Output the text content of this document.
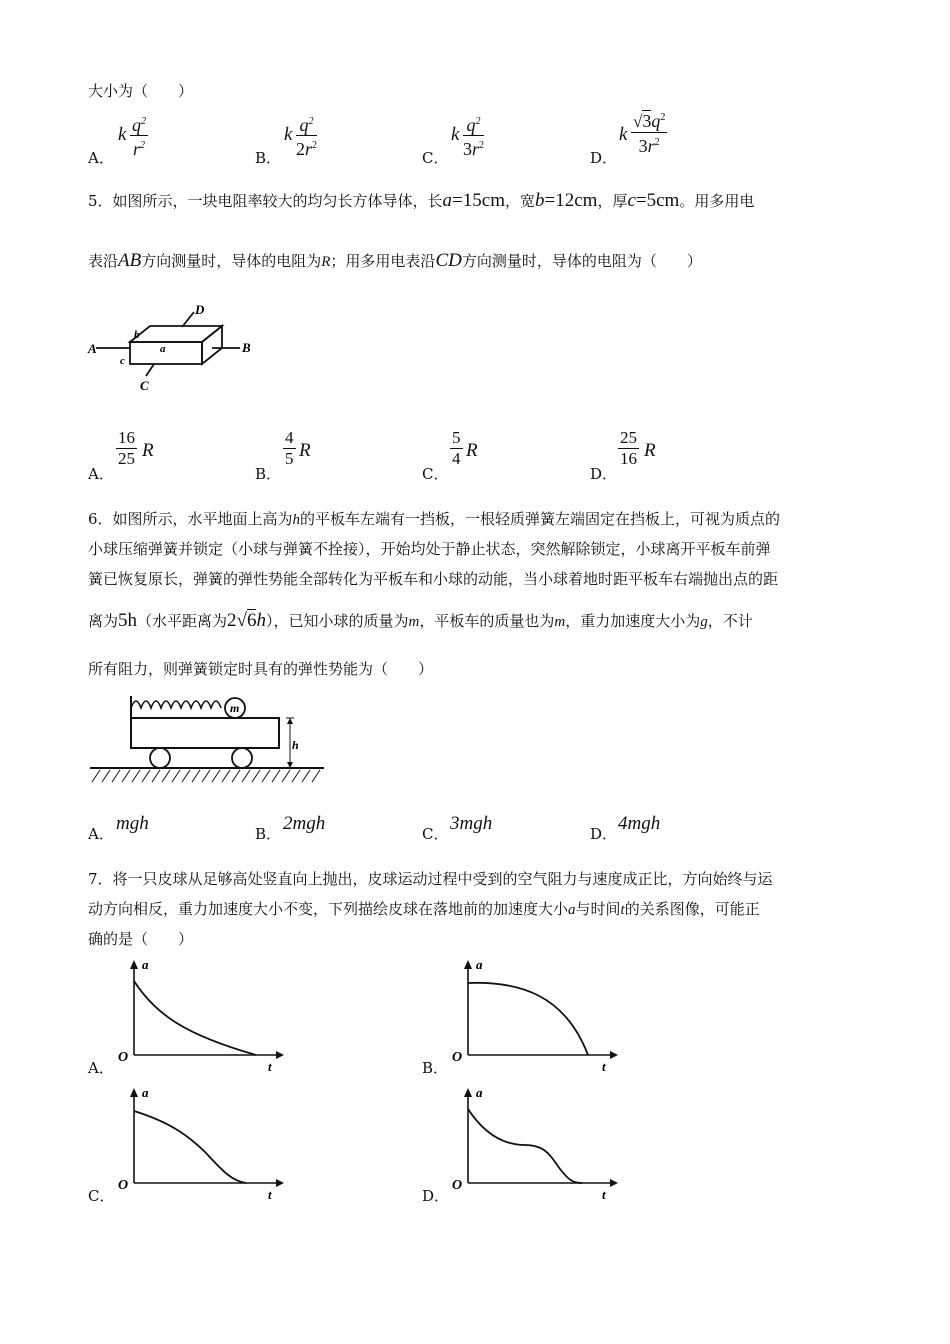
大小为（　　）
A．
k $\frac{q^2}{r^2}$	B．
k $\frac{q^2}{2r^2}$	C．
k $\frac{q^2}{3r^2}$	D．
k $\frac{√3q^2}{3r^2}$
5．如图所示，一块电阻率较大的均匀长方体导体，长a=15cm，宽b=12cm，厚c=5cm。用多用电
表沿AB方向测量时，导体的电阻为R；用多用电表沿CD方向测量时，导体的电阻为（　　）
A	B
C
D
a
b
c
A．
$\frac{16}{25}$ R
B．
$\frac{4}{5}$ R
C．
$\frac{5}{4}$ R
D．
$\frac{25}{16}$ R
6．如图所示，水平地面上高为h的平板车左端有一挡板，一根轻质弹簧左端固定在挡板上，可视为质点的
小球压缩弹簧并锁定（小球与弹簧不拴接），开始均处于静止状态，突然解除锁定，小球离开平板车前弹
簧已恢复原长，弹簧的弹性势能全部转化为平板车和小球的动能，当小球着地时距平板车右端抛出点的距
离为5h（水平距离为2√6h），已知小球的质量为m，平板车的质量也为m，重力加速度大小为g，不计
所有阻力，则弹簧锁定时具有的弹性势能为（　　）
m
h
A． mgh	B． 2mgh	C． 3mgh	D． 4mgh
7．将一只皮球从足够高处竖直向上抛出，皮球运动过程中受到的空气阻力与速度成正比，方向始终与运
动方向相反，重力加速度大小不变，下列描绘皮球在落地前的加速度大小a与时间t的关系图像，可能正
确的是（　　）
A．
a
t
O
B．
a
t
O
C．
a
t
O
D．
a
t
O
